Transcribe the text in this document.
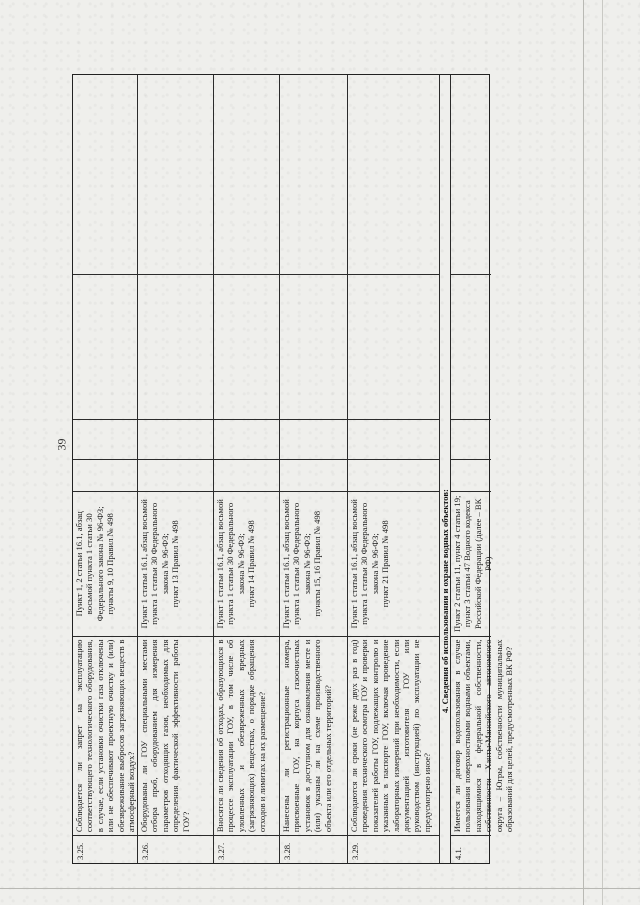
39
3.25.
Соблюдается ли запрет на эксплуатацию соответствующего технологического оборудования, в случае, если установки очистки газа отключены или не обеспечивают проектную очистку и (или) обезвреживание выбросов загрязняющих веществ в атмосферный воздух?
Пункт 1, 2 статьи 16.1, абзац восьмой пункта 1 статьи 30 Федерального закона № 96-ФЗ; пункты 9, 10 Правил № 498
3.26.
Оборудованы ли ГОУ специальными местами отбора проб, оборудованием для измерения параметров отходящих газов, необходимых для определения фактической эффективности работы ГОУ?
Пункт 1 статьи 16.1, абзац восьмой пункта 1 статьи 30 Федерального закона № 96-ФЗ; пункт 13 Правил № 498
3.27.
Вносятся ли сведения об отходах, образующихся в процессе эксплуатации ГОУ, в том числе об уловленных и обезвреженных вредных (загрязняющих) веществах, о порядке обращения отходов и лимитах на их размещение?
Пункт 1 статьи 16.1, абзац восьмой пункта 1 статьи 30 Федерального закона № 96-ФЗ; пункт 14 Правил № 498
3.28.
Нанесены ли регистрационные номера, присвоенные ГОУ, на корпуса газоочистных установок в доступном для ознакомления месте и (или) указаны ли на схеме производственного объекта или его отдельных территорий?
Пункт 1 статьи 16.1, абзац восьмой пункта 1 статьи 30 Федерального закона № 96-ФЗ; пункты 15, 16 Правил № 498
3.29.
Соблюдаются ли сроки (не реже двух раз в год) проведения технического осмотра ГОУ и проверки показателей работы ГОУ, подлежащих контролю и указанных в паспорте ГОУ, включая проведение лабораторных измерений при необходимости, если документацией изготовителя ГОУ или руководством (инструкцией) по эксплуатации не предусмотрено иное?
Пункт 1 статьи 16.1, абзац восьмой пункта 1 статьи 30 Федерального закона № 96-ФЗ; пункт 21 Правил № 498	4. Сведения об использовании и охране водных объектов:
4.1.
Имеется ли договор водопользования в случае пользования поверхностными водными объектами, находящимися в федеральной собственности, собственности Ханты-Мансийского автономного округа – Югры, собственности муниципальных образований для целей, предусмотренных ВК РФ?
Пункт 2 статьи 11, пункт 4 статьи 19; пункт 3 статьи 47 Водного кодекса Российской Федерации (далее – ВК РФ)
